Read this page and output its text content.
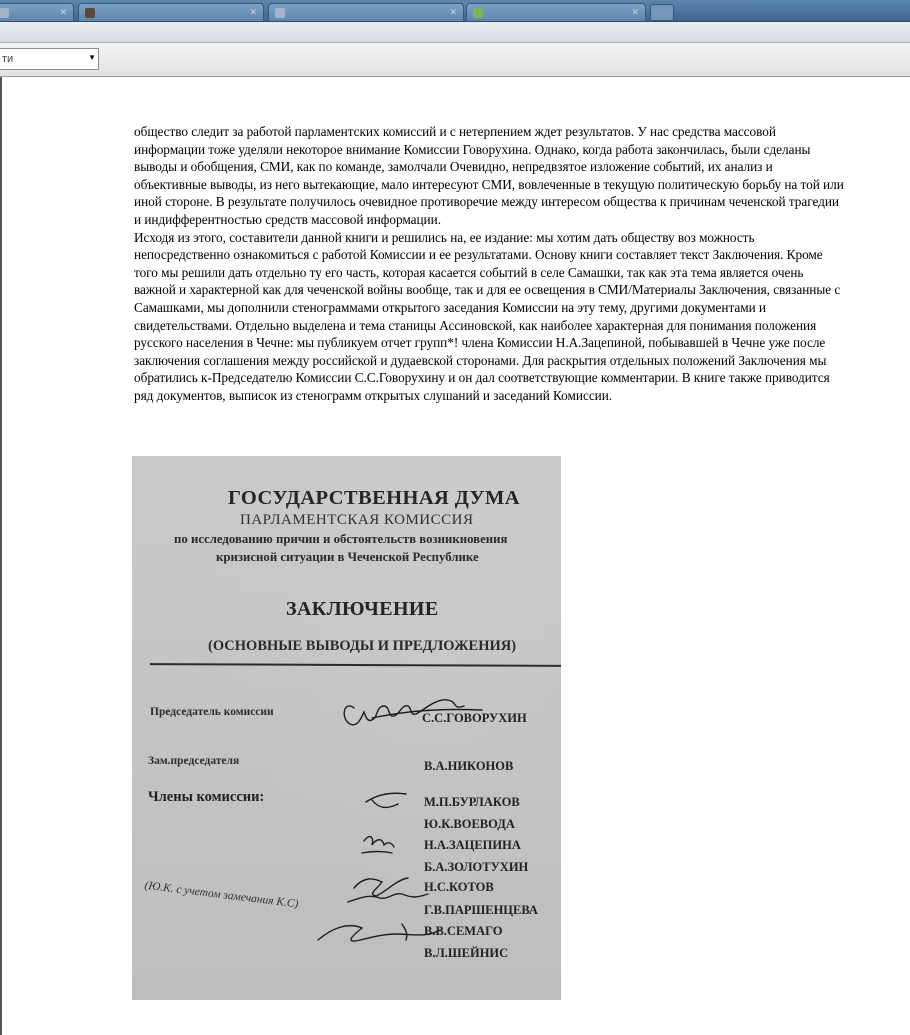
✕	✕	✕	✕
ти	▼

общество следит за работой парламентских комиссий и с нетерпением ждет результатов. У нас средства массовой информации тоже уделяли некоторое внимание Комиссии Говорухина. Однако, когда работа закончилась, были сделаны выводы и обобщения, СМИ, как по команде, замолчали Очевидно, непредвзятое изложение событий, их анализ и объективные выводы, из него вытекающие, мало интересуют СМИ, вовлеченные в текущую политическую борьбу на той или иной стороне. В результате получилось очевидное противоречие между интересом общества к причинам чеченской трагедии и индифферентностью средств массовой информации.

Исходя из этого, составители данной книги и решились на, ее издание: мы хотим дать обществу воз можность непосредственно ознакомиться с работой Комиссии и ее результатами. Основу книги составляет текст Заключения. Кроме того мы решили дать отдельно ту его часть, которая касается событий в селе Самашки, так как эта тема является очень важной и характерной как для чеченской войны вообще, так и для ее освещения в СМИ/Материалы Заключения, связанные с Самашками, мы дополнили стенограммами открытого заседания Комиссии на эту тему, другими документами и свидетельствами. Отдельно выделена и тема станицы Ассиновской, как наиболее характерная для понимания положения русского населения в Чечне: мы публикуем отчет групп*! члена Комиссии Н.А.Зацепиной, побывавшей в Чечне уже после заключения соглашения между российской и дудаевской сторонами. Для раскрытия отдельных положений Заключения мы обратились к-Председателю Комиссии С.С.Говорухину и он дал соответствующие комментарии. В книге также приводится ряд документов, выписок из стенограмм открытых слушаний и заседаний Комиссии.

ГОСУДАРСТВЕННАЯ ДУМА
ПАРЛАМЕНТСКАЯ КОМИССИЯ
по исследованию причин и обстоятельств возникновения
кризисной ситуации в Чеченской Республике
ЗАКЛЮЧЕНИЕ
(ОСНОВНЫЕ ВЫВОДЫ И ПРЕДЛОЖЕНИЯ)
Председатель комиссии	С.С.ГОВОРУХИН
Зам.председателя	В.А.НИКОНОВ
Члены комиссии:	М.П.БУРЛАКОВ
Ю.К.ВОЕВОДА
Н.А.ЗАЦЕПИНА
Б.А.ЗОЛОТУХИН
Н.С.КОТОВ
Г.В.ПАРШЕНЦЕВА
В.В.СЕМАГО
В.Л.ШЕЙНИС
(Ю.К. с учетом замечания К.С)
